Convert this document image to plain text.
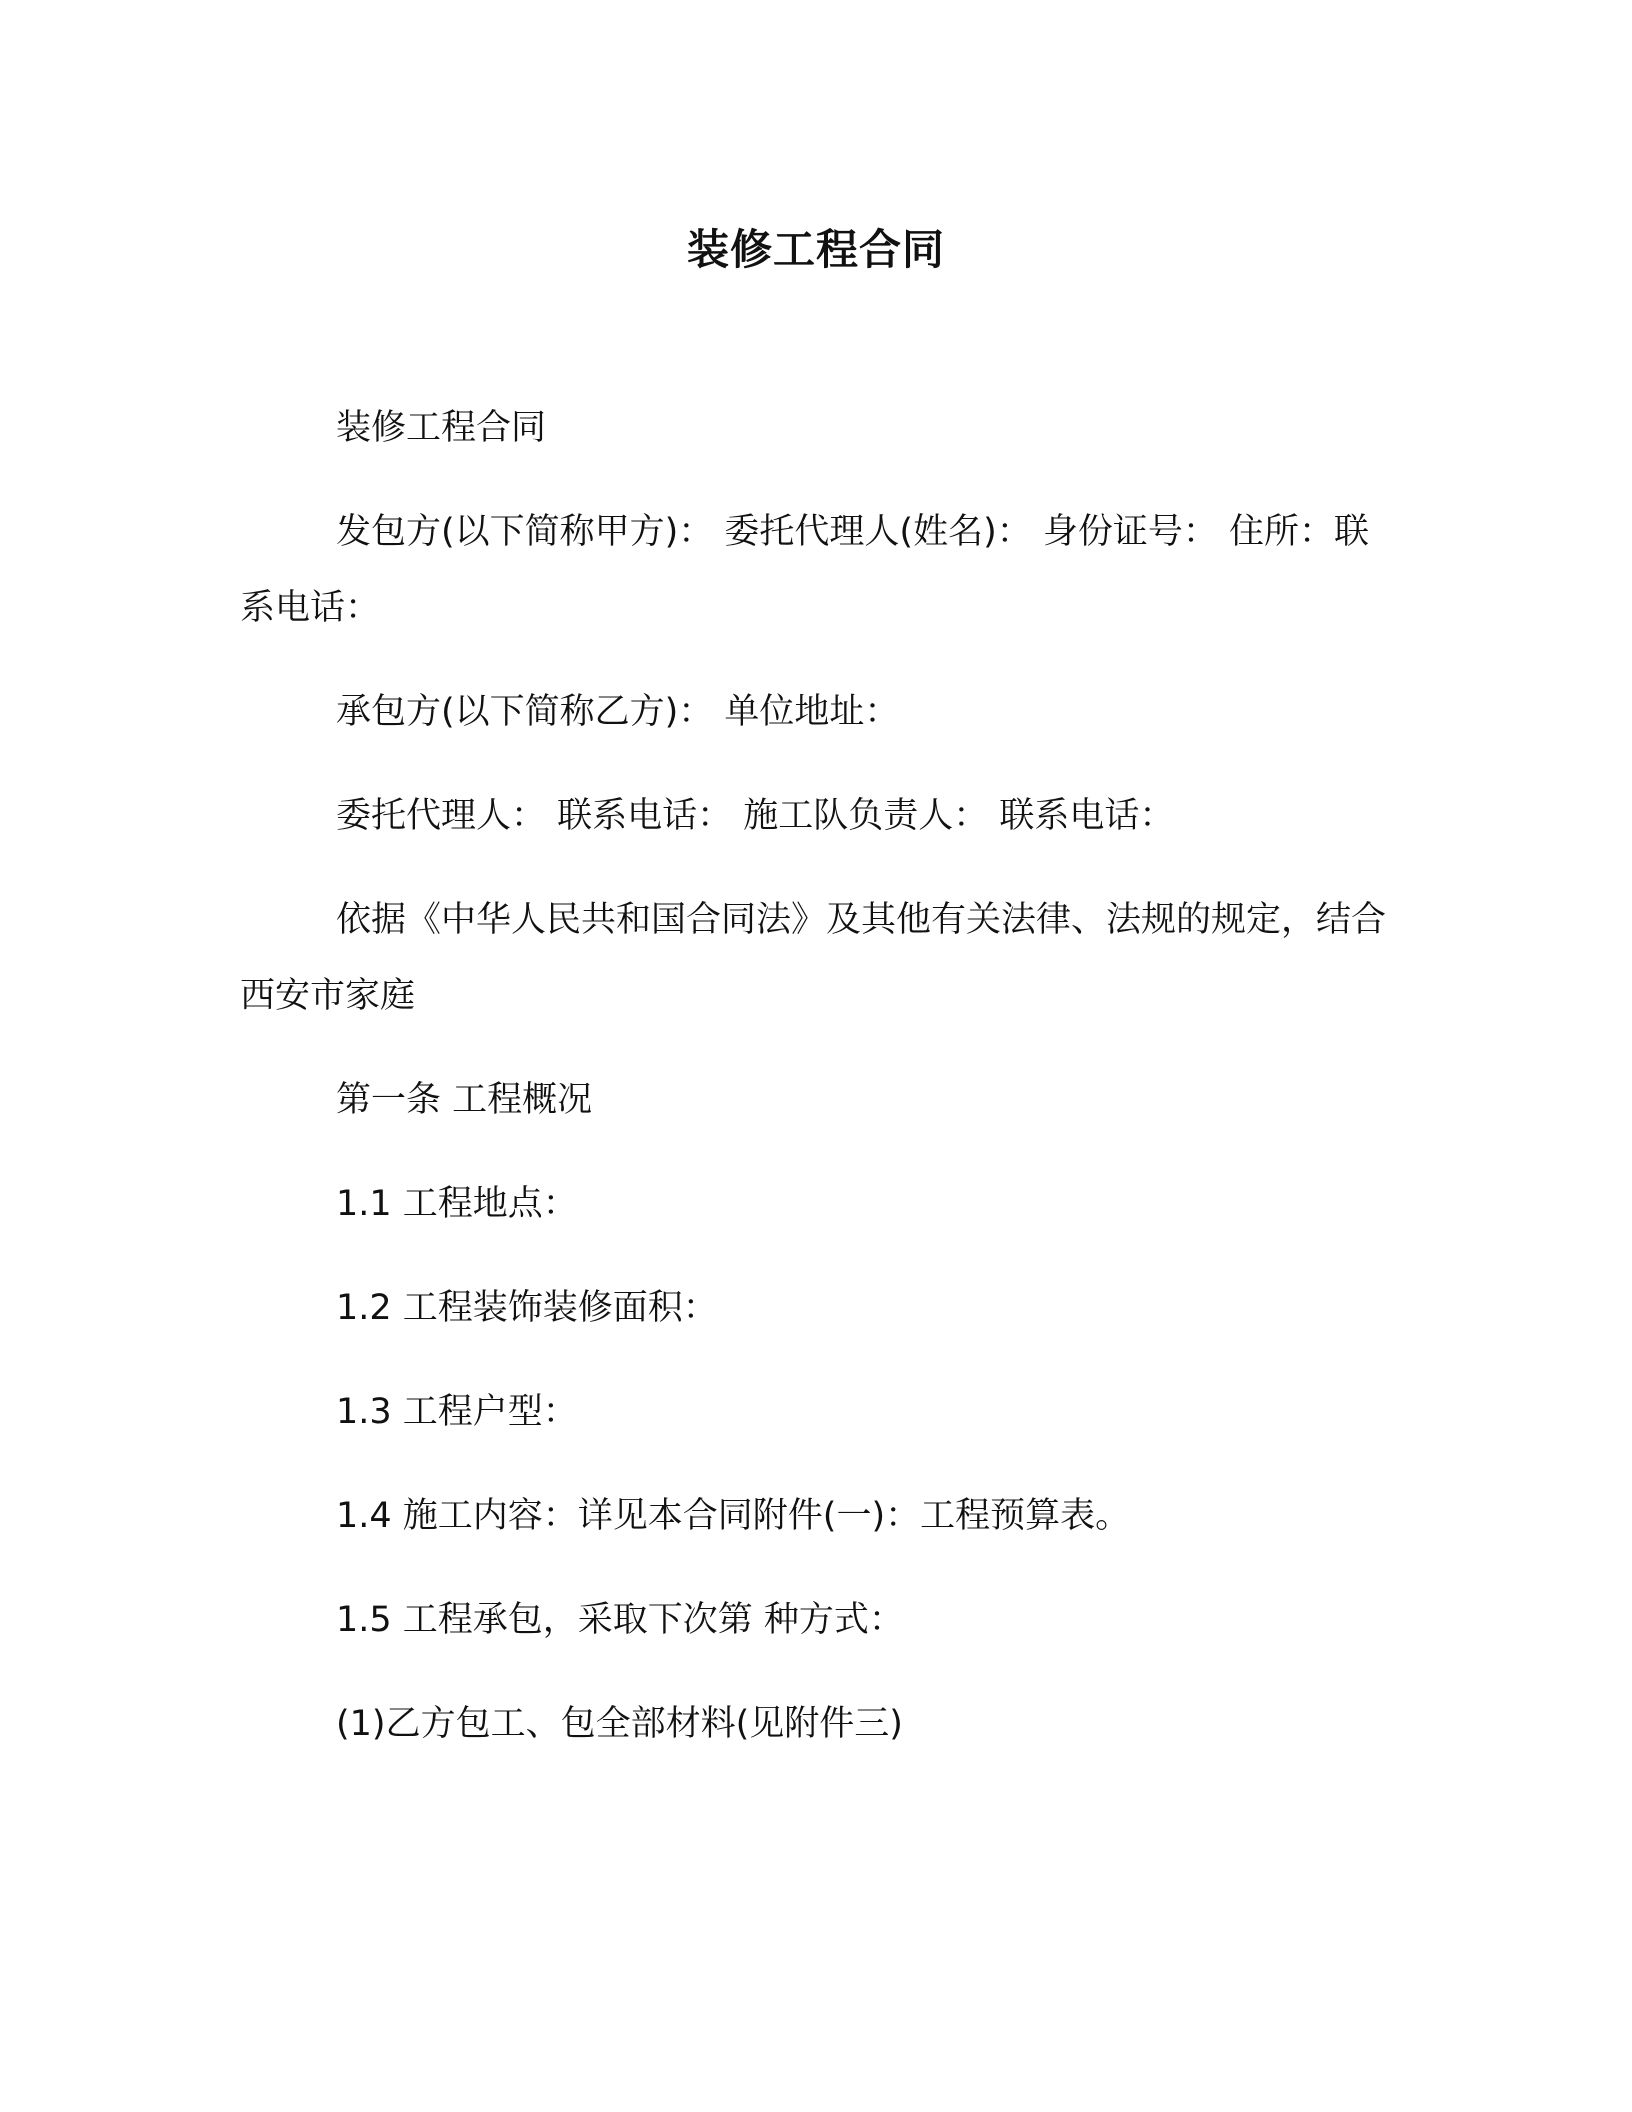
装修工程合同

装修工程合同

发包方(以下简称甲方)： 委托代理人(姓名)： 身份证号： 住所：联系电话：

承包方(以下简称乙方)： 单位地址：

委托代理人： 联系电话： 施工队负责人： 联系电话：

依据《中华人民共和国合同法》及其他有关法律、法规的规定，结合西安市家庭

第一条 工程概况

1.1 工程地点：

1.2 工程装饰装修面积：

1.3 工程户型：

1.4 施工内容：详见本合同附件(一)：工程预算表。

1.5 工程承包，采取下次第 种方式：

(1)乙方包工、包全部材料(见附件三)
